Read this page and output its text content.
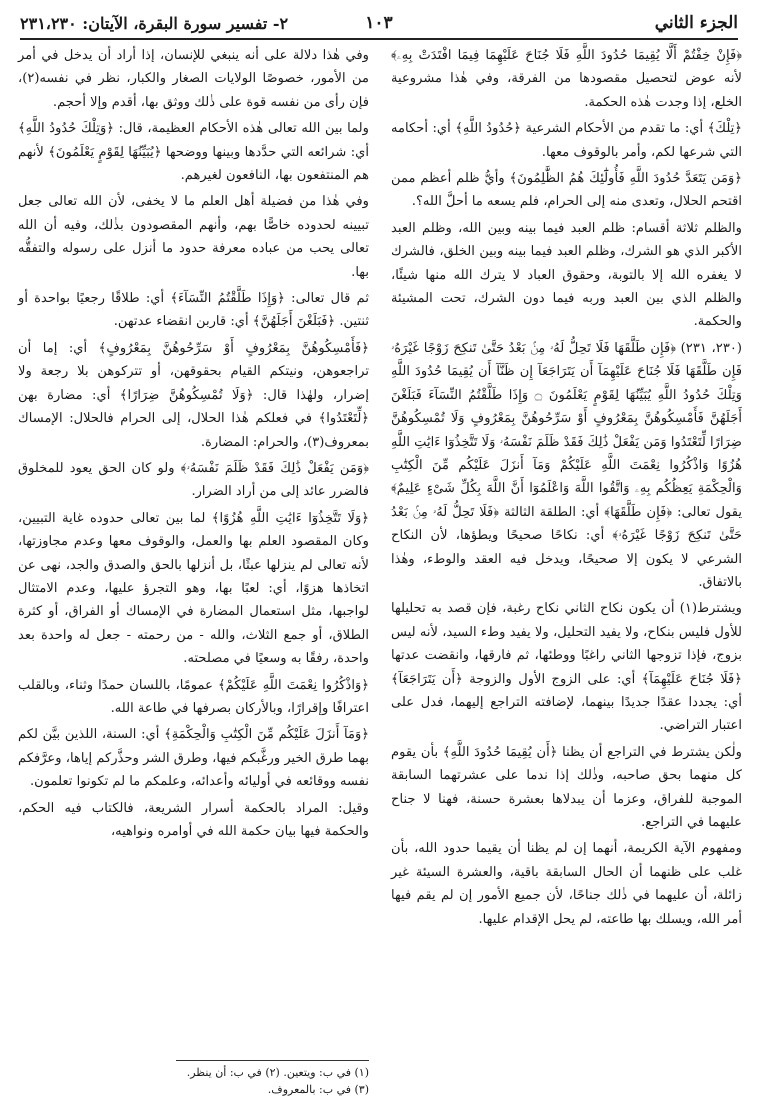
الجزء الثاني
١٠٣
٢- تفسير سورة البقرة، الآيتان: ٢٣١،٢٣٠

﴿فَإِنْ خِفْتُمْ أَلَّا يُقِيمَا حُدُودَ اللَّهِ فَلَا جُنَاحَ عَلَيْهِمَا فِيمَا افْتَدَتْ بِهِۦ﴾ لأنه عوض لتحصيل مقصودها من الفرقة، وفي هٰذا مشروعية الخلع، إذا وجدت هٰذه الحكمة.

﴿تِلْكَ﴾ أي: ما تقدم من الأحكام الشرعية ﴿حُدُودُ اللَّهِ﴾ أي: أحكامه التي شرعها لكم، وأمر بالوقوف معها.

﴿وَمَن يَتَعَدَّ حُدُودَ اللَّهِ فَأُولَٰٓئِكَ هُمُ الظَّٰلِمُونَ﴾ وأيُّ ظلم أعظم ممن اقتحم الحلال، وتعدى منه إلى الحرام، فلم يسعه ما أحلَّ الله؟.

والظلم ثلاثة أقسام: ظلم العبد فيما بينه وبين الله، وظلم العبد الأكبر الذي هو الشرك، وظلم العبد فيما بينه وبين الخلق، فالشرك لا يغفره الله إلا بالتوبة، وحقوق العباد لا يترك الله منها شيئًا، والظلم الذي بين العبد وربه فيما دون الشرك، تحت المشيئة والحكمة.

(٢٣٠، ٢٣١) ﴿فَإِن طَلَّقَهَا فَلَا تَحِلُّ لَهُۥ مِنۢ بَعْدُ حَتَّىٰ تَنكِحَ زَوْجًا غَيْرَهُۥ فَإِن طَلَّقَهَا فَلَا جُنَاحَ عَلَيْهِمَآ أَن يَتَرَاجَعَآ إِن ظَنَّآ أَن يُقِيمَا حُدُودَ اللَّهِ وَتِلْكَ حُدُودُ اللَّهِ يُبَيِّنُهَا لِقَوْمٍ يَعْلَمُونَ ۝ وَإِذَا طَلَّقْتُمُ النِّسَآءَ فَبَلَغْنَ أَجَلَهُنَّ فَأَمْسِكُوهُنَّ بِمَعْرُوفٍ أَوْ سَرِّحُوهُنَّ بِمَعْرُوفٍ وَلَا تُمْسِكُوهُنَّ ضِرَارًا لِّتَعْتَدُوا وَمَن يَفْعَلْ ذَٰلِكَ فَقَدْ ظَلَمَ نَفْسَهُۥ وَلَا تَتَّخِذُوٓا ءَايَٰتِ اللَّهِ هُزُوًا وَاذْكُرُوا نِعْمَتَ اللَّهِ عَلَيْكُمْ وَمَآ أَنزَلَ عَلَيْكُم مِّنَ الْكِتَٰبِ وَالْحِكْمَةِ يَعِظُكُم بِهِۦ وَاتَّقُوا اللَّهَ وَاعْلَمُوٓا أَنَّ اللَّهَ بِكُلِّ شَىْءٍ عَلِيمٌ﴾ يقول تعالى: ﴿فَإِن طَلَّقَهَا﴾ أي: الطلقة الثالثة ﴿فَلَا تَحِلُّ لَهُۥ مِنۢ بَعْدُ حَتَّىٰ تَنكِحَ زَوْجًا غَيْرَهُۥ﴾ أي: نكاحًا صحيحًا ويطؤها، لأن النكاح الشرعي لا يكون إلا صحيحًا، ويدخل فيه العقد والوطء، وهٰذا بالاتفاق.

ويشترط(١) أن يكون نكاح الثاني نكاح رغبة، فإن قصد به تحليلها للأول فليس بنكاح، ولا يفيد التحليل، ولا يفيد وطء السيد، لأنه ليس بزوج، فإذا تزوجها الثاني راغبًا ووطئها، ثم فارقها، وانقضت عدتها ﴿فَلَا جُنَاحَ عَلَيْهِمَآ﴾ أي: على الزوج الأول والزوجة ﴿أَن يَتَرَاجَعَآ﴾ أي: يجددا عقدًا جديدًا بينهما، لإضافته التراجع إليهما، فدل على اعتبار التراضي.

ولٰكن يشترط في التراجع أن يظنا ﴿أَن يُقِيمَا حُدُودَ اللَّهِ﴾ بأن يقوم كل منهما بحق صاحبه، وذٰلك إذا ندما على عشرتهما السابقة الموجبة للفراق، وعزما أن يبدلاها بعشرة حسنة، فهنا لا جناح عليهما في التراجع.

ومفهوم الآية الكريمة، أنهما إن لم يظنا أن يقيما حدود الله، بأن غلب على ظنهما أن الحال السابقة باقية، والعشرة السيئة غير زائلة، أن عليهما في ذٰلك جناحًا، لأن جميع الأمور إن لم يقم فيها أمر الله، ويسلك بها طاعته، لم يحل الإقدام عليها.

وفي هٰذا دلالة على أنه ينبغي للإنسان، إذا أراد أن يدخل في أمر من الأمور، خصوصًا الولايات الصغار والكبار، نظر في نفسه(٢)، فإن رأى من نفسه قوة على ذٰلك ووثق بها، أقدم وإلا أحجم.

ولما بين الله تعالى هٰذه الأحكام العظيمة، قال: ﴿وَتِلْكَ حُدُودُ اللَّهِ﴾ أي: شرائعه التي حدَّدها وبينها ووضحها ﴿يُبَيِّنُهَا لِقَوْمٍ يَعْلَمُونَ﴾ لأنهم هم المنتفعون بها، النافعون لغيرهم.

وفي هٰذا من فضيلة أهل العلم ما لا يخفى، لأن الله تعالى جعل تبيينه لحدوده خاصًّا بهم، وأنهم المقصودون بذٰلك، وفيه أن الله تعالى يحب من عباده معرفة حدود ما أنزل على رسوله والتفقُّه بها.

ثم قال تعالى: ﴿وَإِذَا طَلَّقْتُمُ النِّسَآءَ﴾ أي: طلاقًا رجعيًا بواحدة أو ثنتين. ﴿فَبَلَغْنَ أَجَلَهُنَّ﴾ أي: قاربن انقضاء عدتهن.

﴿فَأَمْسِكُوهُنَّ بِمَعْرُوفٍ أَوْ سَرِّحُوهُنَّ بِمَعْرُوفٍ﴾ أي: إما أن تراجعوهن، ونيتكم القيام بحقوقهن، أو تتركوهن بلا رجعة ولا إضرار، ولهٰذا قال: ﴿وَلَا تُمْسِكُوهُنَّ ضِرَارًا﴾ أي: مضارة بهن ﴿لِّتَعْتَدُوا﴾ في فعلكم هٰذا الحلال، إلى الحرام فالحلال: الإمساك بمعروف(٣)، والحرام: المضارة.

﴿وَمَن يَفْعَلْ ذَٰلِكَ فَقَدْ ظَلَمَ نَفْسَهُۥ﴾ ولو كان الحق يعود للمخلوق فالضرر عائد إلى من أراد الضرار.

﴿وَلَا تَتَّخِذُوٓا ءَايَٰتِ اللَّهِ هُزُوًا﴾ لما بين تعالى حدوده غاية التبيين، وكان المقصود العلم بها والعمل، والوقوف معها وعدم مجاوزتها، لأنه تعالى لم ينزلها عبثًا، بل أنزلها بالحق والصدق والجد، نهى عن اتخاذها هزوًا، أي: لعبًا بها، وهو التجرؤ عليها، وعدم الامتثال لواجبها، مثل استعمال المضارة في الإمساك أو الفراق، أو كثرة الطلاق، أو جمع الثلاث، والله - من رحمته - جعل له واحدة بعد واحدة، رفقًا به وسعيًا في مصلحته.

﴿وَاذْكُرُوا نِعْمَتَ اللَّهِ عَلَيْكُمْ﴾ عمومًا، باللسان حمدًا وثناء، وبالقلب اعترافًا وإقرارًا، وبالأركان بصرفها في طاعة الله.

﴿وَمَآ أَنزَلَ عَلَيْكُم مِّنَ الْكِتَٰبِ وَالْحِكْمَةِ﴾ أي: السنة، اللذين بيَّن لكم بهما طرق الخير ورغَّبكم فيها، وطرق الشر وحذَّركم إياها، وعرَّفكم نفسه ووقائعه في أوليائه وأعدائه، وعلمكم ما لم تكونوا تعلمون.

وقيل: المراد بالحكمة أسرار الشريعة، فالكتاب فيه الحكم، والحكمة فيها بيان حكمة الله في أوامره ونواهيه،

(١) في ب: ويتعين. (٢) في ب: أن ينظر. (٣) في ب: بالمعروف.
